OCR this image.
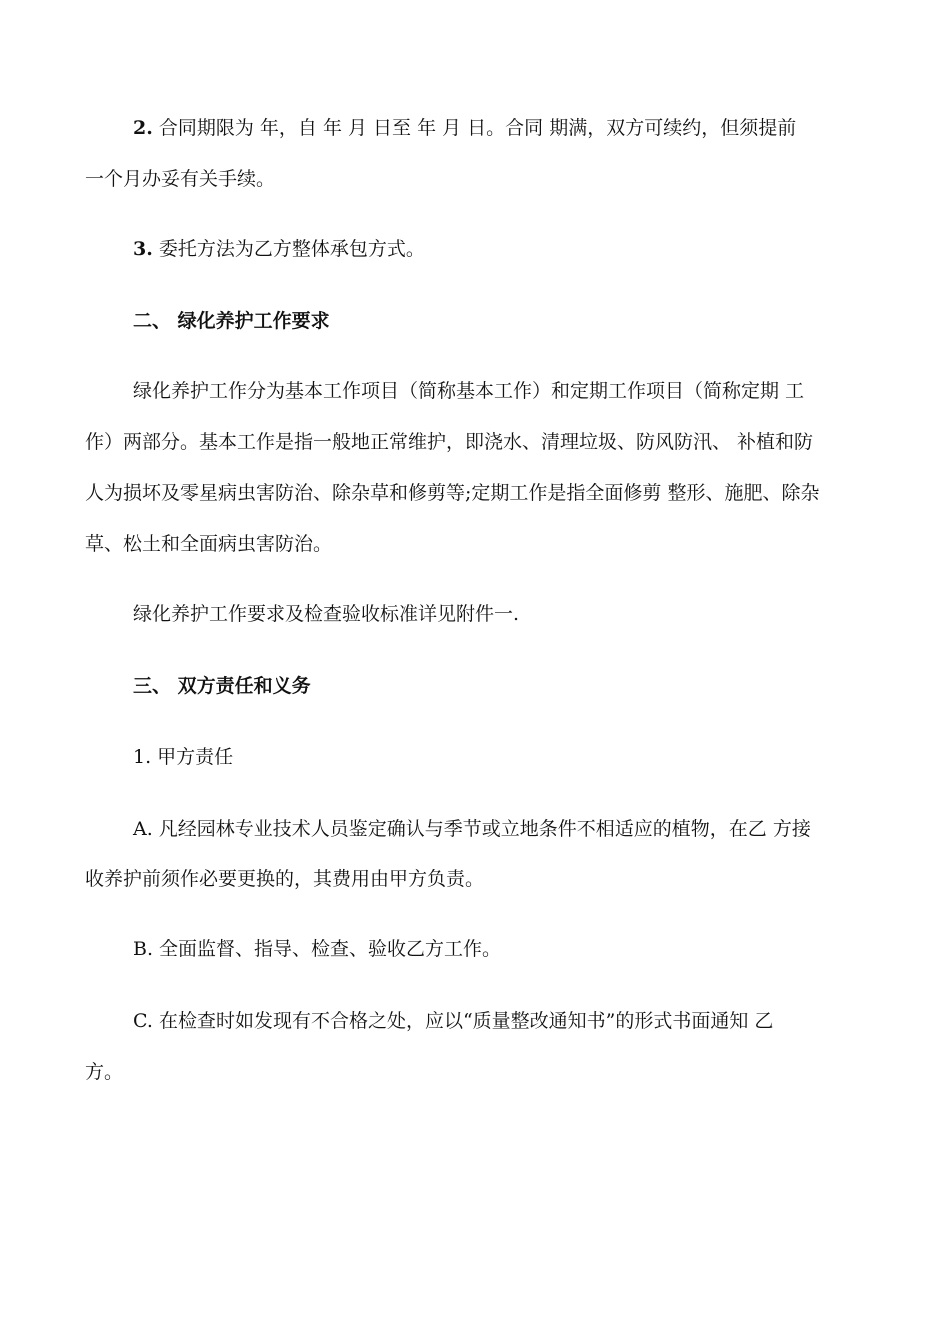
2. 合同期限为 年，自 年 月 日至 年 月 日。合同 期满，双方可续约，但须提前
一个月办妥有关手续。
3. 委托方法为乙方整体承包方式。
二、 绿化养护工作要求
绿化养护工作分为基本工作项目（简称基本工作）和定期工作项目（简称定期 工
作）两部分。基本工作是指一般地正常维护，即浇水、清理垃圾、防风防汛、 补植和防
人为损坏及零星病虫害防治、除杂草和修剪等;定期工作是指全面修剪 整形、施肥、除杂
草、松土和全面病虫害防治。
绿化养护工作要求及检查验收标准详见附件一.
三、 双方责任和义务
1. 甲方责任
A. 凡经园林专业技术人员鉴定确认与季节或立地条件不相适应的植物，在乙 方接
收养护前须作必要更换的，其费用由甲方负责。
B. 全面监督、指导、检查、验收乙方工作。
C. 在检查时如发现有不合格之处，应以“质量整改通知书”的形式书面通知 乙
方。
